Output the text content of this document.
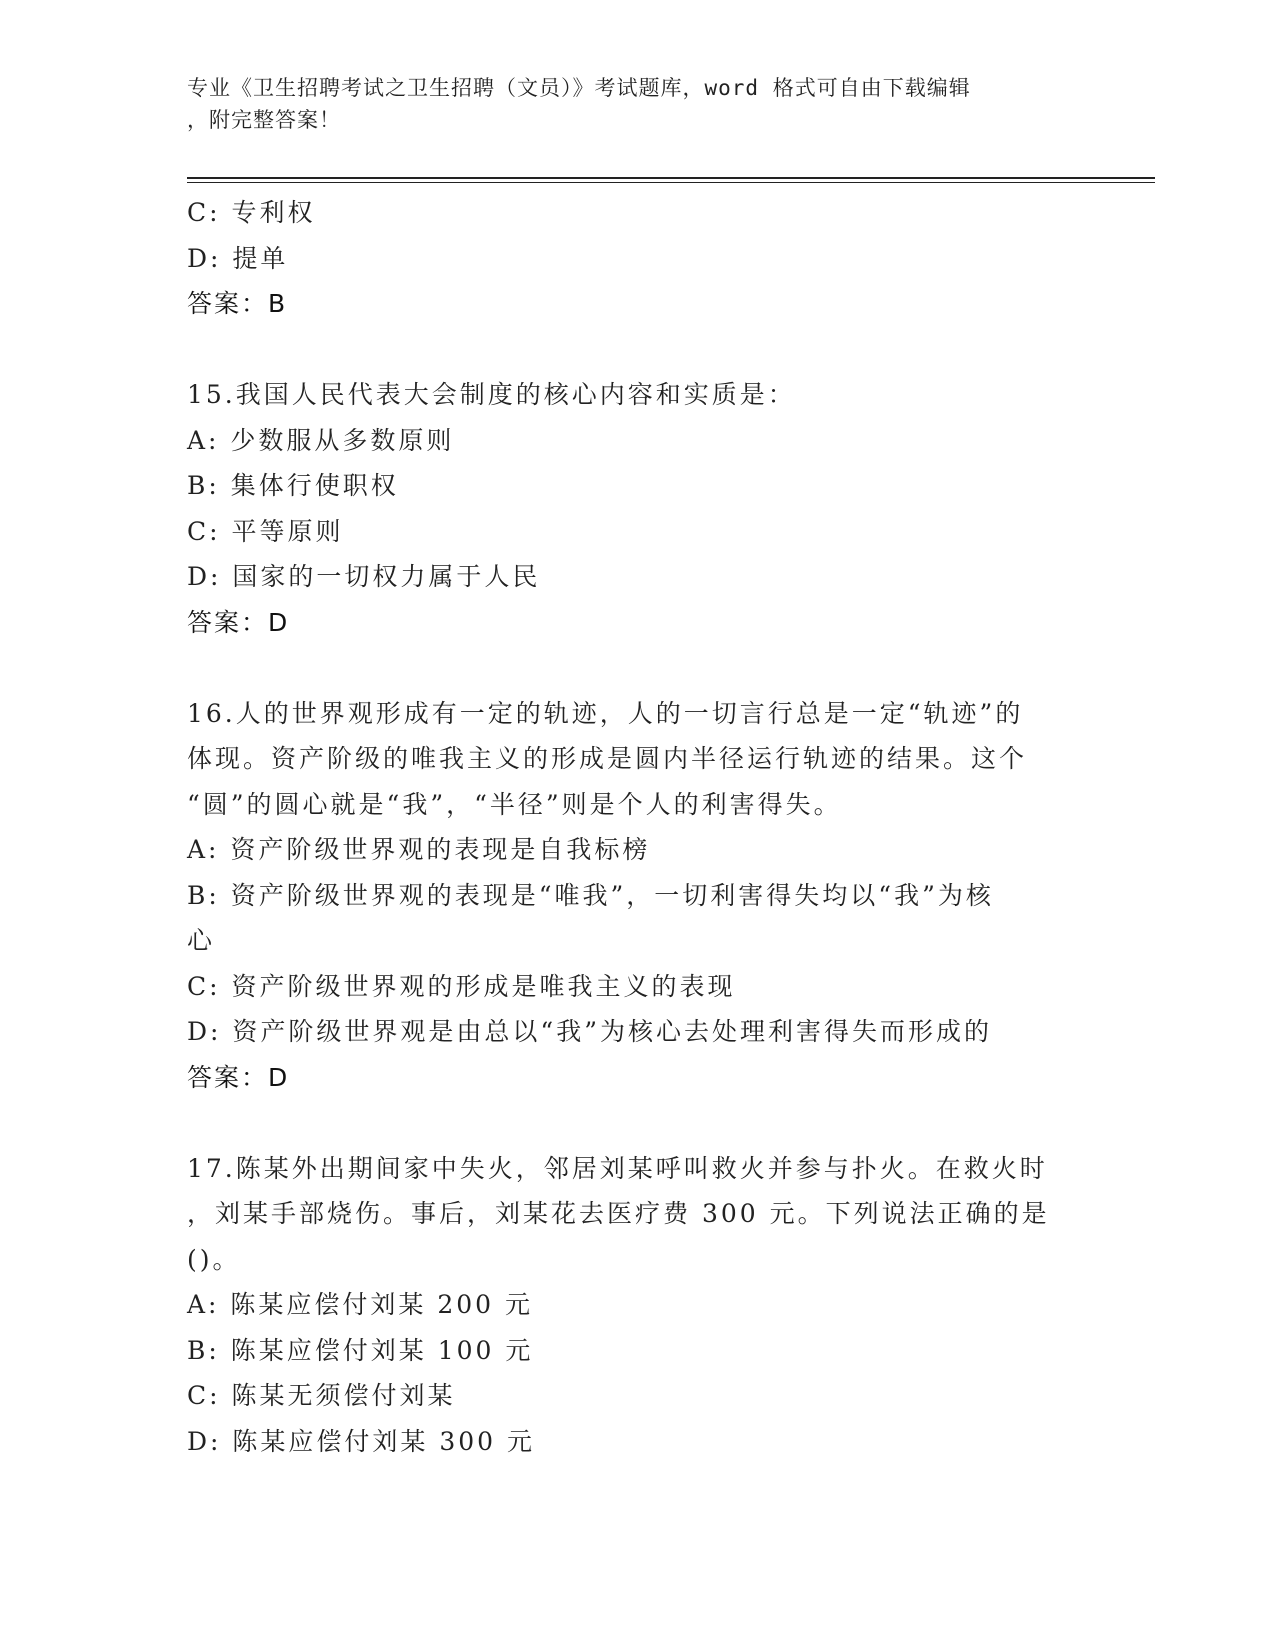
专业《卫生招聘考试之卫生招聘（文员）》考试题库，word 格式可自由下载编辑
，附完整答案！
C: 专利权
D: 提单
答案：B
15.我国人民代表大会制度的核心内容和实质是：
A: 少数服从多数原则
B: 集体行使职权
C: 平等原则
D: 国家的一切权力属于人民
答案：D
16.人的世界观形成有一定的轨迹，人的一切言行总是一定“轨迹”的
体现。资产阶级的唯我主义的形成是圆内半径运行轨迹的结果。这个
“圆”的圆心就是“我”，“半径”则是个人的利害得失。
A: 资产阶级世界观的表现是自我标榜
B: 资产阶级世界观的表现是“唯我”，一切利害得失均以“我”为核
心
C: 资产阶级世界观的形成是唯我主义的表现
D: 资产阶级世界观是由总以“我”为核心去处理利害得失而形成的
答案：D
17.陈某外出期间家中失火，邻居刘某呼叫救火并参与扑火。在救火时
，刘某手部烧伤。事后，刘某花去医疗费 300 元。下列说法正确的是
()。
A: 陈某应偿付刘某 200 元
B: 陈某应偿付刘某 100 元
C: 陈某无须偿付刘某
D: 陈某应偿付刘某 300 元
